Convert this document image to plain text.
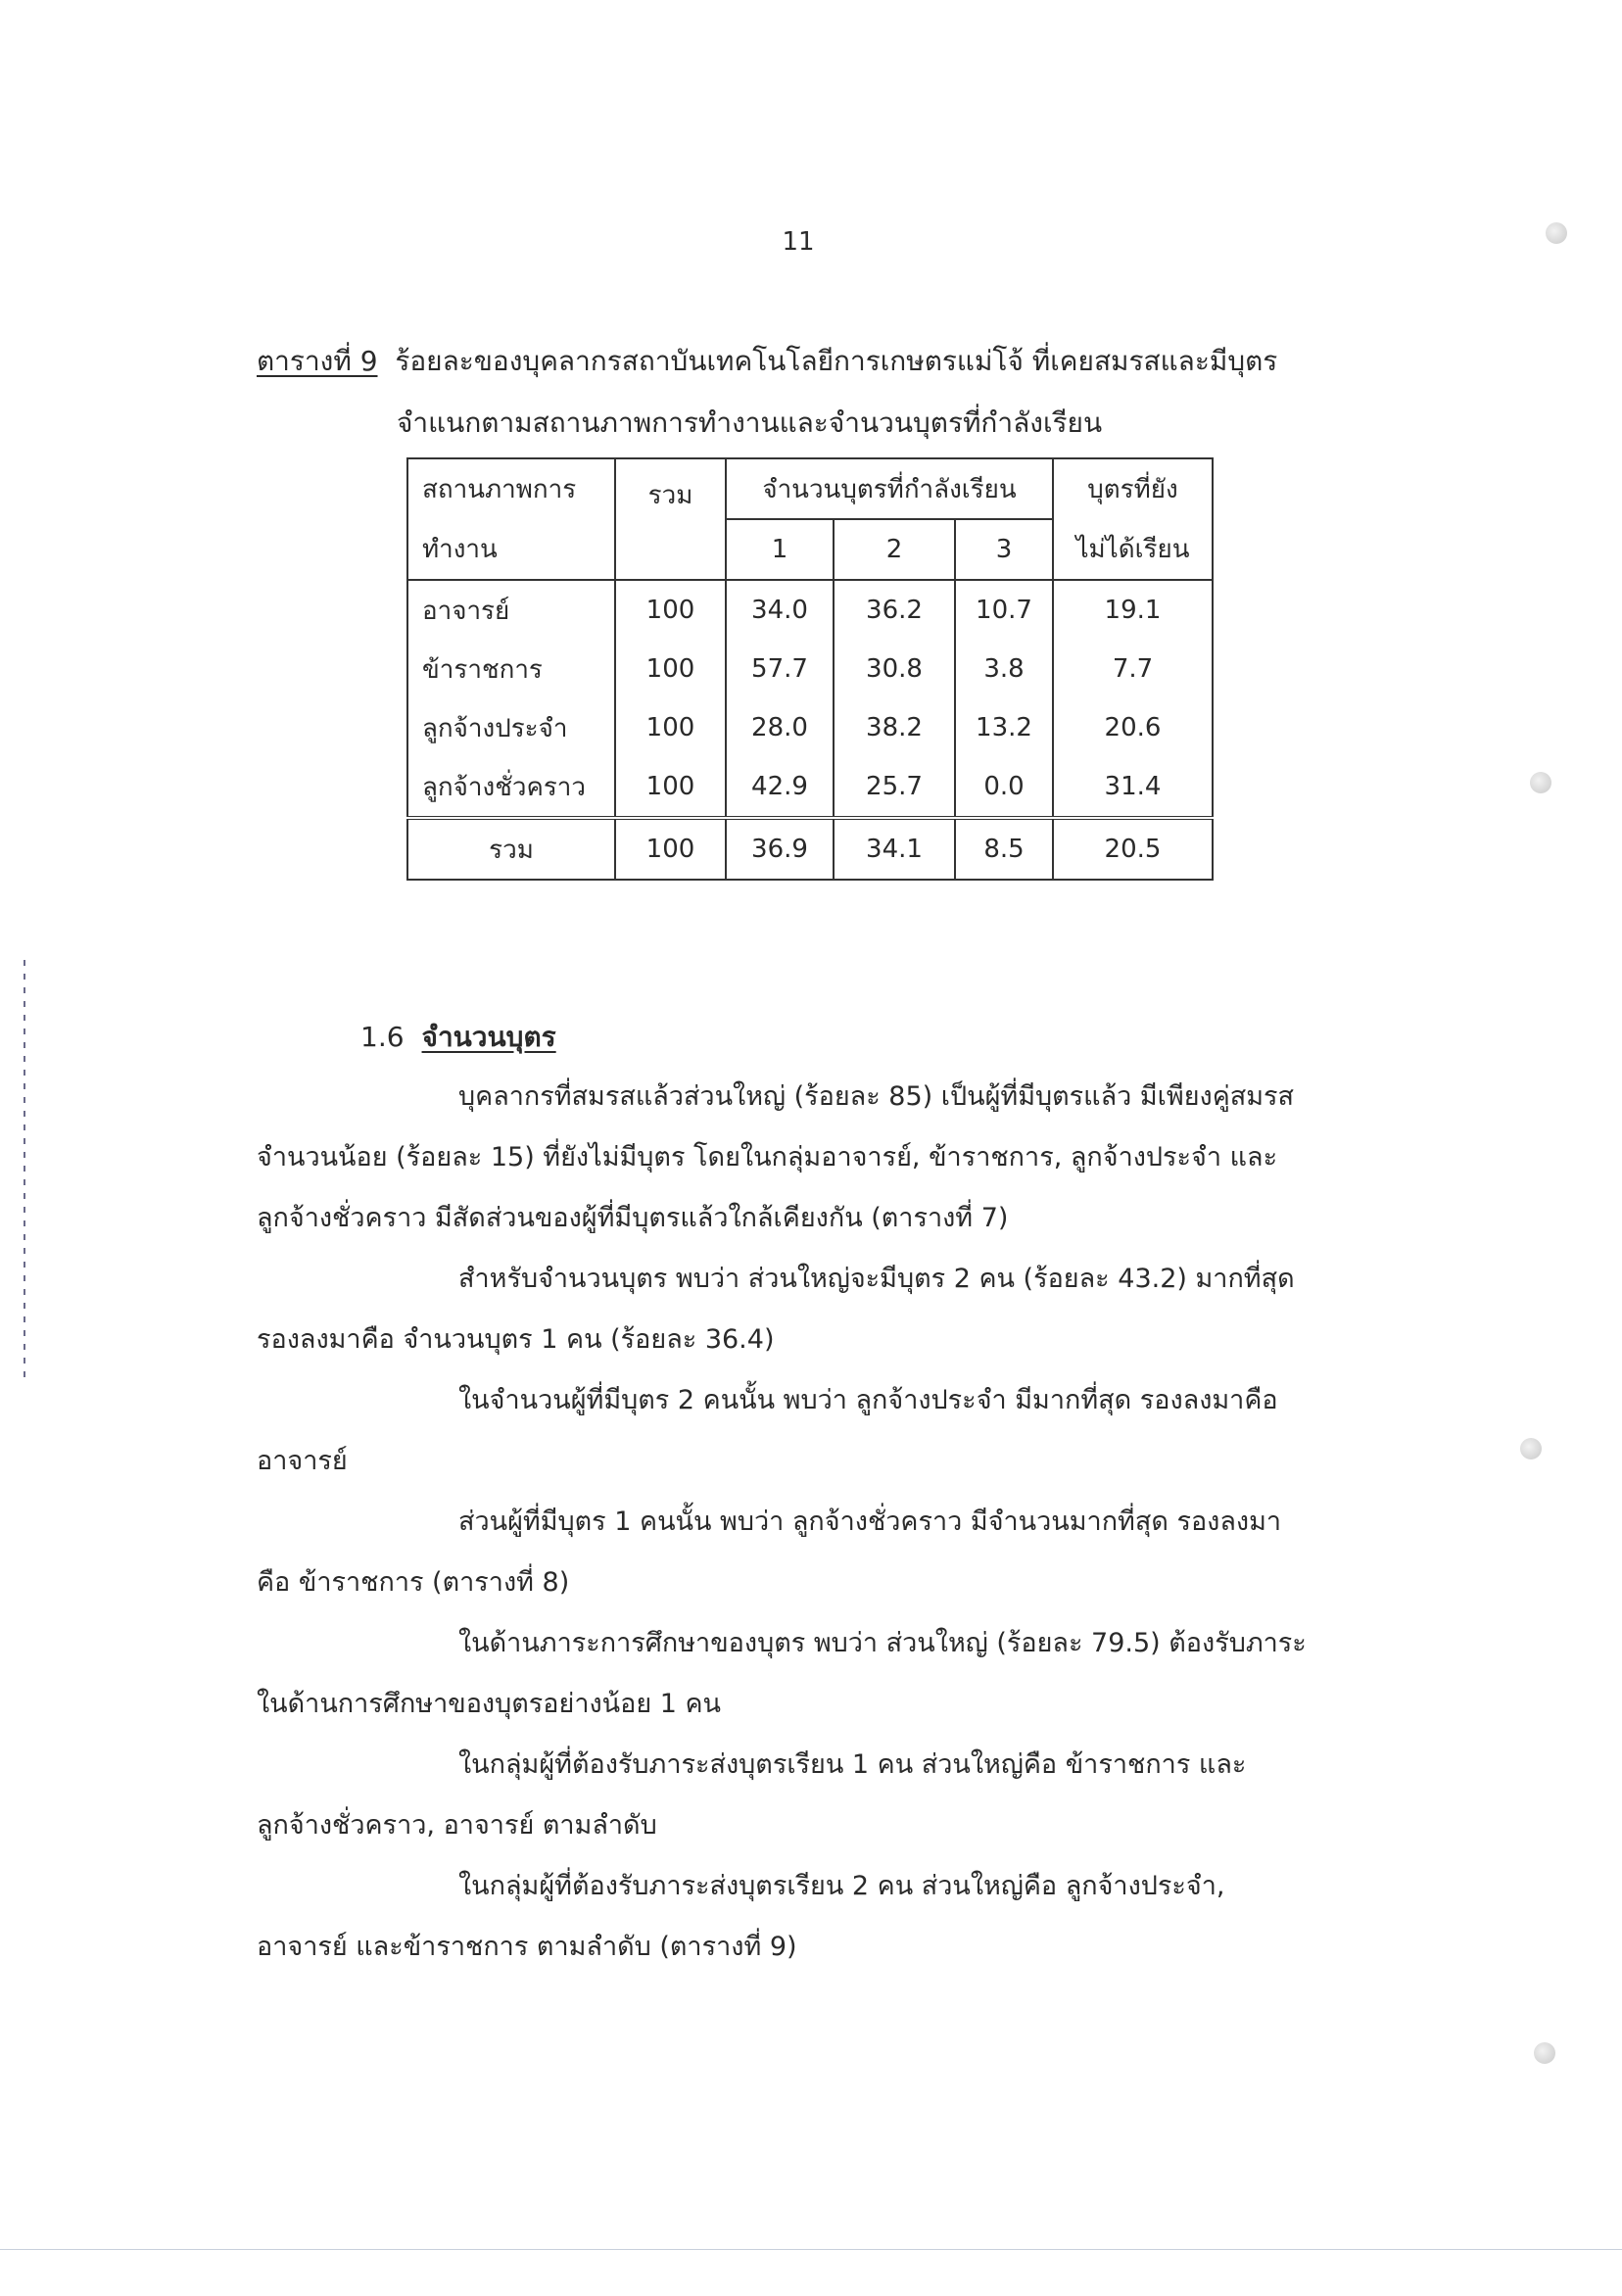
11
ตารางที่ 9 ร้อยละของบุคลากรสถาบันเทคโนโลยีการเกษตรแม่โจ้ ที่เคยสมรสและมีบุตร
จำแนกตามสถานภาพการทำงานและจำนวนบุตรที่กำลังเรียน
สถานภาพการ	รวม	จำนวนบุตรที่กำลังเรียน			บุตรที่ยัง
ทำงาน		1	2	3	ไม่ได้เรียน
อาจารย์	100	34.0	36.2	10.7	19.1
ข้าราชการ	100	57.7	30.8	3.8	7.7
ลูกจ้างประจำ	100	28.0	38.2	13.2	20.6
ลูกจ้างชั่วคราว	100	42.9	25.7	0.0	31.4
รวม	100	36.9	34.1	8.5	20.5
1.6 จำนวนบุตร
บุคลากรที่สมรสแล้วส่วนใหญ่ (ร้อยละ 85) เป็นผู้ที่มีบุตรแล้ว มีเพียงคู่สมรส
จำนวนน้อย (ร้อยละ 15) ที่ยังไม่มีบุตร โดยในกลุ่มอาจารย์, ข้าราชการ, ลูกจ้างประจำ และ
ลูกจ้างชั่วคราว มีสัดส่วนของผู้ที่มีบุตรแล้วใกล้เคียงกัน (ตารางที่ 7)
สำหรับจำนวนบุตร พบว่า ส่วนใหญ่จะมีบุตร 2 คน (ร้อยละ 43.2) มากที่สุด
รองลงมาคือ จำนวนบุตร 1 คน (ร้อยละ 36.4)
ในจำนวนผู้ที่มีบุตร 2 คนนั้น พบว่า ลูกจ้างประจำ มีมากที่สุด รองลงมาคือ
อาจารย์
ส่วนผู้ที่มีบุตร 1 คนนั้น พบว่า ลูกจ้างชั่วคราว มีจำนวนมากที่สุด รองลงมา
คือ ข้าราชการ (ตารางที่ 8)
ในด้านภาระการศึกษาของบุตร พบว่า ส่วนใหญ่ (ร้อยละ 79.5) ต้องรับภาระ
ในด้านการศึกษาของบุตรอย่างน้อย 1 คน
ในกลุ่มผู้ที่ต้องรับภาระส่งบุตรเรียน 1 คน ส่วนใหญ่คือ ข้าราชการ และ
ลูกจ้างชั่วคราว, อาจารย์ ตามลำดับ
ในกลุ่มผู้ที่ต้องรับภาระส่งบุตรเรียน 2 คน ส่วนใหญ่คือ ลูกจ้างประจำ,
อาจารย์ และข้าราชการ ตามลำดับ (ตารางที่ 9)
